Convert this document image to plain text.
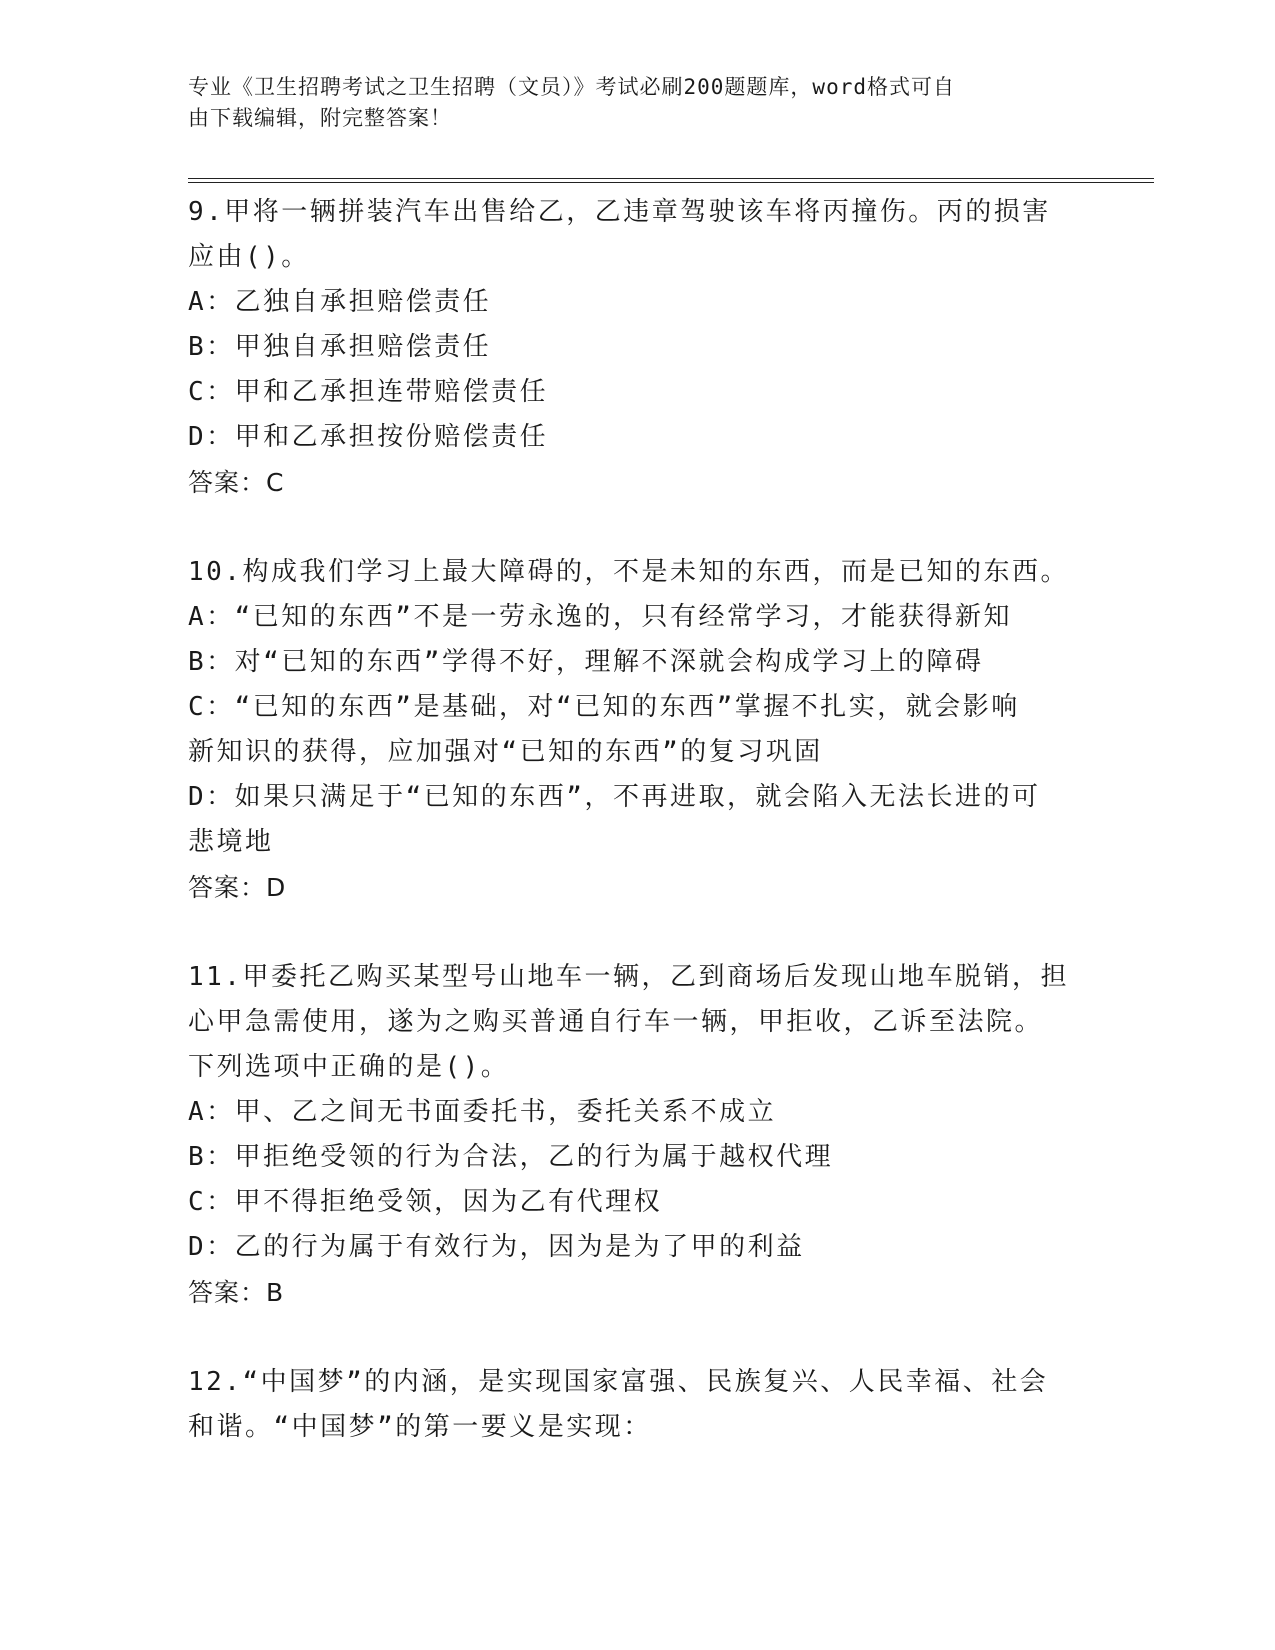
专业《卫生招聘考试之卫生招聘（文员）》考试必刷200题题库，word格式可自
由下载编辑，附完整答案！

9.甲将一辆拼装汽车出售给乙，乙违章驾驶该车将丙撞伤。丙的损害

应由()。

A：乙独自承担赔偿责任

B：甲独自承担赔偿责任

C：甲和乙承担连带赔偿责任

D：甲和乙承担按份赔偿责任

答案：C

10.构成我们学习上最大障碍的，不是未知的东西，而是已知的东西。

A：“已知的东西”不是一劳永逸的，只有经常学习，才能获得新知

B：对“已知的东西”学得不好，理解不深就会构成学习上的障碍

C：“已知的东西”是基础，对“已知的东西”掌握不扎实，就会影响

新知识的获得，应加强对“已知的东西”的复习巩固

D：如果只满足于“已知的东西”，不再进取，就会陷入无法长进的可

悲境地

答案：D

11.甲委托乙购买某型号山地车一辆，乙到商场后发现山地车脱销，担

心甲急需使用，遂为之购买普通自行车一辆，甲拒收，乙诉至法院。

下列选项中正确的是()。

A：甲、乙之间无书面委托书，委托关系不成立

B：甲拒绝受领的行为合法，乙的行为属于越权代理

C：甲不得拒绝受领，因为乙有代理权

D：乙的行为属于有效行为，因为是为了甲的利益

答案：B

12.“中国梦”的内涵，是实现国家富强、民族复兴、人民幸福、社会

和谐。“中国梦”的第一要义是实现：
